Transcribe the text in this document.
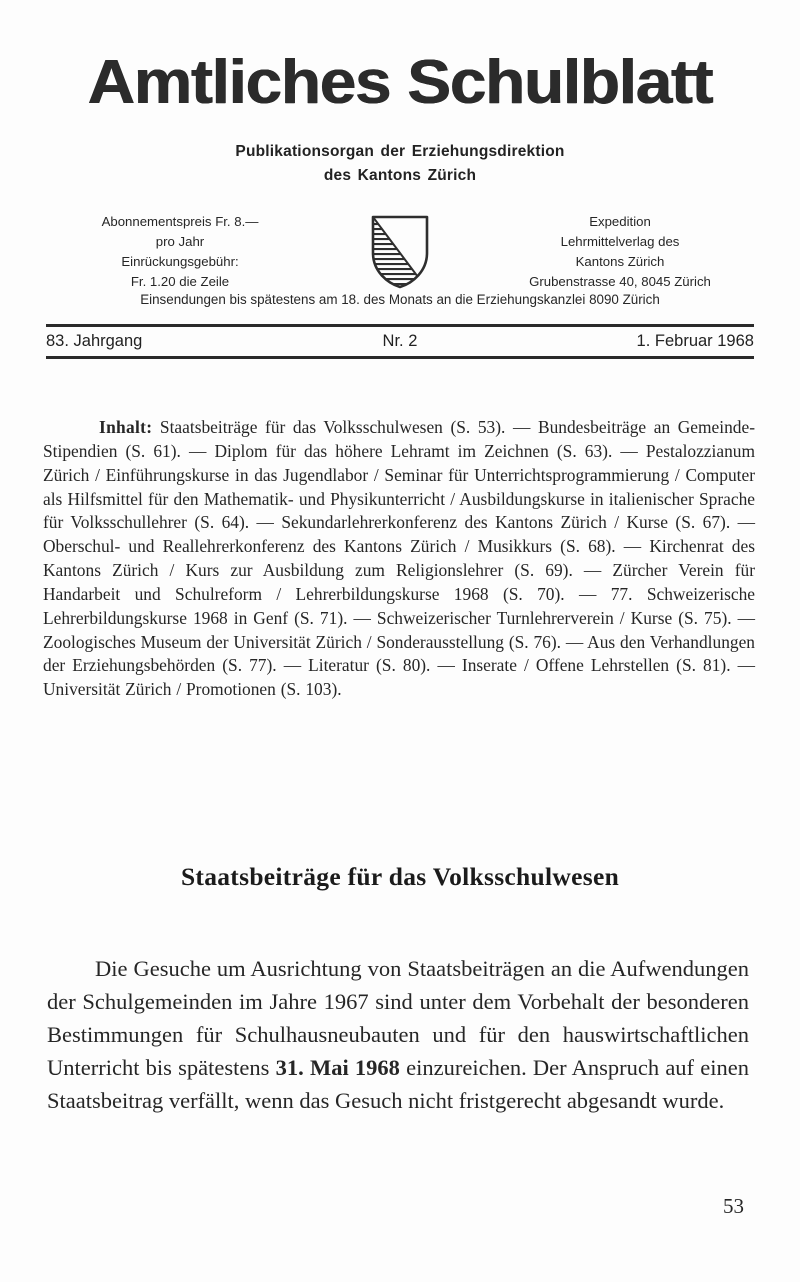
Amtliches Schulblatt
Publikationsorgan der Erziehungsdirektion
des Kantons Zürich
Abonnementspreis Fr. 8.—
pro Jahr
Einrückungsgebühr:
Fr. 1.20 die Zeile
Expedition
Lehrmittelverlag des
Kantons Zürich
Grubenstrasse 40, 8045 Zürich
Einsendungen bis spätestens am 18. des Monats an die Erziehungskanzlei 8090 Zürich
83. Jahrgang	Nr. 2	1. Februar 1968
Inhalt: Staatsbeiträge für das Volksschulwesen (S. 53). — Bundesbeiträge an Gemeinde-Stipendien (S. 61). — Diplom für das höhere Lehramt im Zeichnen (S. 63). — Pestalozzianum Zürich / Einführungskurse in das Jugendlabor / Seminar für Unterrichtsprogrammierung / Computer als Hilfsmittel für den Mathematik- und Physikunterricht / Ausbildungskurse in italienischer Sprache für Volksschullehrer (S. 64). — Sekundarlehrerkonferenz des Kantons Zürich / Kurse (S. 67). — Oberschul- und Reallehrerkonferenz des Kantons Zürich / Musikkurs (S. 68). — Kirchenrat des Kantons Zürich / Kurs zur Ausbildung zum Religionslehrer (S. 69). — Zürcher Verein für Handarbeit und Schulreform / Lehrerbildungskurse 1968 (S. 70). — 77. Schweizerische Lehrerbildungskurse 1968 in Genf (S. 71). — Schweizerischer Turnlehrerverein / Kurse (S. 75). — Zoologisches Museum der Universität Zürich / Sonderausstellung (S. 76). — Aus den Verhandlungen der Erziehungsbehörden (S. 77). — Literatur (S. 80). — Inserate / Offene Lehrstellen (S. 81). — Universität Zürich / Promotionen (S. 103).
Staatsbeiträge für das Volksschulwesen
Die Gesuche um Ausrichtung von Staatsbeiträgen an die Aufwendungen der Schulgemeinden im Jahre 1967 sind unter dem Vorbehalt der besonderen Bestimmungen für Schulhausneubauten und für den hauswirtschaftlichen Unterricht bis spätestens 31. Mai 1968 einzureichen. Der Anspruch auf einen Staatsbeitrag verfällt, wenn das Gesuch nicht fristgerecht abgesandt wurde.
53
